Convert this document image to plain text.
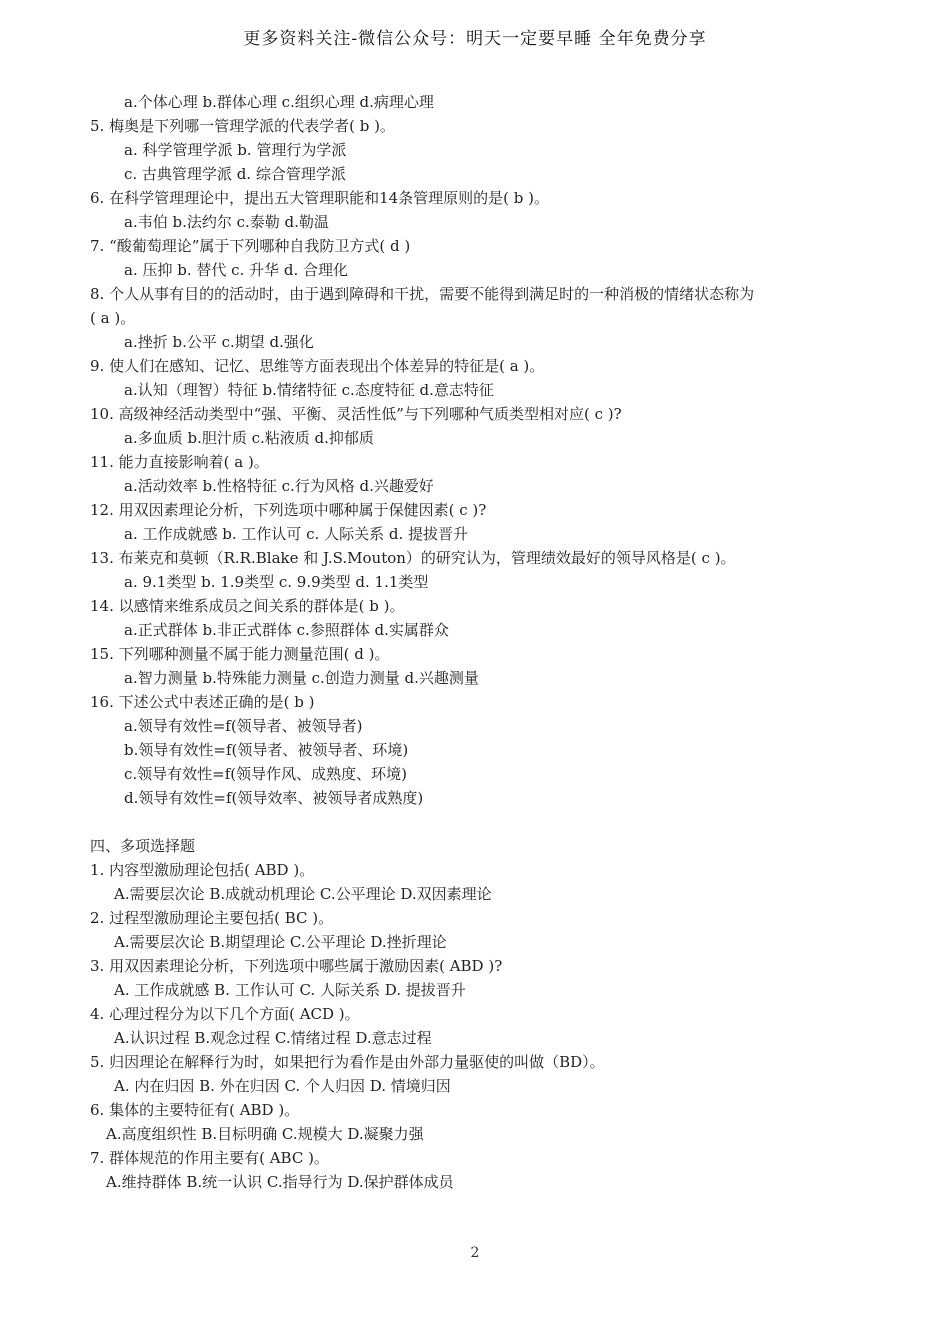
更多资料关注-微信公众号：明天一定要早睡 全年免费分享
a.个体心理 b.群体心理 c.组织心理 d.病理心理
5. 梅奥是下列哪一管理学派的代表学者( b )。
a. 科学管理学派 b. 管理行为学派
c. 古典管理学派 d. 综合管理学派
6. 在科学管理理论中，提出五大管理职能和14条管理原则的是( b )。
a.韦伯 b.法约尔 c.泰勒 d.勒温
7. “酸葡萄理论”属于下列哪种自我防卫方式( d )
a. 压抑 b. 替代 c. 升华 d. 合理化
8. 个人从事有目的的活动时，由于遇到障碍和干扰，需要不能得到满足时的一种消极的情绪状态称为
( a )。
a.挫折 b.公平 c.期望 d.强化
9. 使人们在感知、记忆、思维等方面表现出个体差异的特征是( a )。
a.认知（理智）特征 b.情绪特征 c.态度特征 d.意志特征
10. 高级神经活动类型中“强、平衡、灵活性低”与下列哪种气质类型相对应( c )?
a.多血质 b.胆汁质 c.粘液质 d.抑郁质
11. 能力直接影响着( a )。
a.活动效率 b.性格特征 c.行为风格 d.兴趣爱好
12. 用双因素理论分析，下列选项中哪种属于保健因素( c )?
a. 工作成就感 b. 工作认可 c. 人际关系 d. 提拔晋升
13. 布莱克和莫顿（R.R.Blake 和 J.S.Mouton）的研究认为，管理绩效最好的领导风格是( c )。
a. 9.1类型 b. 1.9类型 c. 9.9类型 d. 1.1类型
14. 以感情来维系成员之间关系的群体是( b )。
a.正式群体 b.非正式群体 c.参照群体 d.实属群众
15. 下列哪种测量不属于能力测量范围( d )。
a.智力测量 b.特殊能力测量 c.创造力测量 d.兴趣测量
16. 下述公式中表述正确的是( b )
a.领导有效性=f(领导者、被领导者)
b.领导有效性=f(领导者、被领导者、环境)
c.领导有效性=f(领导作风、成熟度、环境)
d.领导有效性=f(领导效率、被领导者成熟度)
四、多项选择题
1. 内容型激励理论包括( ABD )。
A.需要层次论 B.成就动机理论 C.公平理论 D.双因素理论
2. 过程型激励理论主要包括( BC )。
A.需要层次论 B.期望理论 C.公平理论 D.挫折理论
3. 用双因素理论分析，下列选项中哪些属于激励因素( ABD )?
A. 工作成就感 B. 工作认可 C. 人际关系 D. 提拔晋升
4. 心理过程分为以下几个方面( ACD )。
A.认识过程 B.观念过程 C.情绪过程 D.意志过程
5. 归因理论在解释行为时，如果把行为看作是由外部力量驱使的叫做（BD）。
A. 内在归因 B. 外在归因 C. 个人归因 D. 情境归因
6. 集体的主要特征有( ABD )。
A.高度组织性 B.目标明确 C.规模大 D.凝聚力强
7. 群体规范的作用主要有( ABC )。
A.维持群体 B.统一认识 C.指导行为 D.保护群体成员
2
